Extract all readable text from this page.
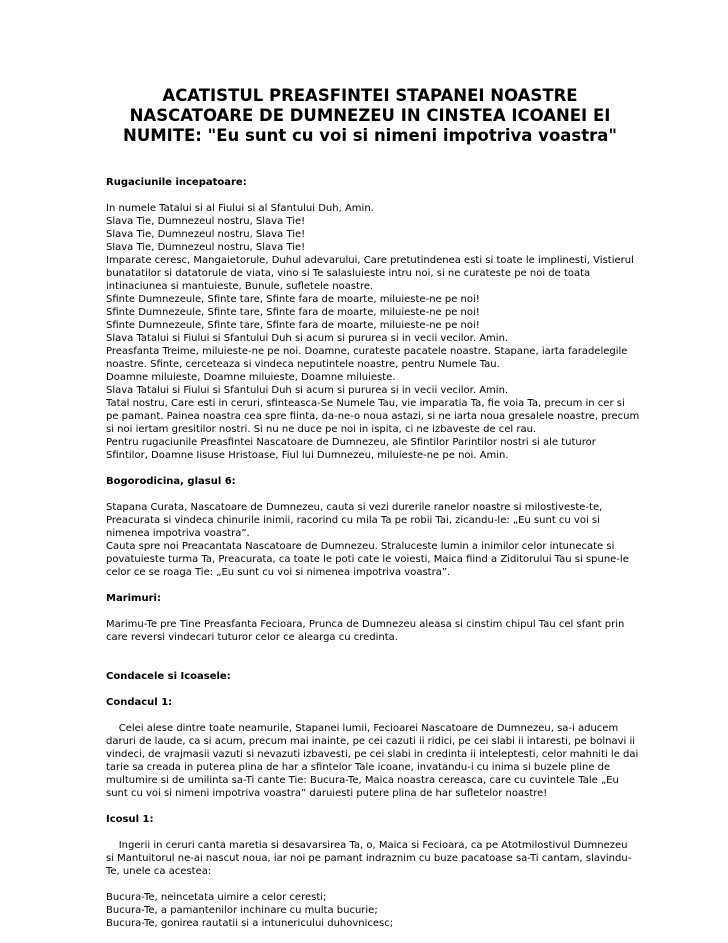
ACATISTUL PREASFINTEI STAPANEI NOASTRE
NASCATOARE DE DUMNEZEU IN CINSTEA ICOANEI EI
NUMITE: "Eu sunt cu voi si nimeni impotriva voastra"
Rugaciunile incepatoare:
In numele Tatalui si al Fiului si al Sfantului Duh, Amin.
Slava Tie, Dumnezeul nostru, Slava Tie!
Slava Tie, Dumnezeul nostru, Slava Tie!
Slava Tie, Dumnezeul nostru, Slava Tie!
Imparate ceresc, Mangaietorule, Duhul adevarului, Care pretutindenea esti si toate le implinesti, Vistierul
bunatatilor si datatorule de viata, vino si Te salasluieste intru noi, si ne curateste pe noi de toata
intinaciunea si mantuieste, Bunule, sufletele noastre.
Sfinte Dumnezeule, Sfinte tare, Sfinte fara de moarte, miluieste-ne pe noi!
Sfinte Dumnezeule, Sfinte tare, Sfinte fara de moarte, miluieste-ne pe noi!
Sfinte Dumnezeule, Sfinte tare, Sfinte fara de moarte, miluieste-ne pe noi!
Slava Tatalui si Fiului si Sfantului Duh si acum si pururea si in vecii vecilor. Amin.
Preasfanta Treime, miluieste-ne pe noi. Doamne, curateste pacatele noastre. Stapane, iarta faradelegile
noastre. Sfinte, cerceteaza si vindeca neputintele noastre, pentru Numele Tau.
Doamne miluieste, Doamne miluieste, Doamne miluieste.
Slava Tatalui si Fiului si Sfantului Duh si acum si pururea si in vecii vecilor. Amin.
Tatal nostru, Care esti in ceruri, sfinteasca-Se Numele Tau, vie imparatia Ta, fie voia Ta, precum in cer si
pe pamant. Painea noastra cea spre fiinta, da-ne-o noua astazi, si ne iarta noua gresalele noastre, precum
si noi iertam gresitilor nostri. Si nu ne duce pe noi in ispita, ci ne izbaveste de cel rau.
Pentru rugaciunile Preasfintei Nascatoare de Dumnezeu, ale Sfintilor Parintilor nostri si ale tuturor
Sfintilor, Doamne Iisuse Hristoase, Fiul lui Dumnezeu, miluieste-ne pe noi. Amin.
Bogorodicina, glasul 6:
Stapana Curata, Nascatoare de Dumnezeu, cauta si vezi durerile ranelor noastre si milostiveste-te,
Preacurata si vindeca chinurile inimii, racorind cu mila Ta pe robii Tai, zicandu-le: „Eu sunt cu voi si
nimenea impotriva voastra”.
Cauta spre noi Preacantata Nascatoare de Dumnezeu. Straluceste lumin a inimilor celor intunecate si
povatuieste turma Ta, Preacurata, ca toate le poti cate le voiesti, Maica fiind a Ziditorului Tau si spune-le
celor ce se roaga Tie: „Eu sunt cu voi si nimenea impotriva voastra”.
Marimuri:
Marimu-Te pre Tine Preasfanta Fecioara, Prunca de Dumnezeu aleasa si cinstim chipul Tau cel sfant prin
care reversi vindecari tuturor celor ce alearga cu credinta.
Condacele si Icoasele:
Condacul 1:
Celei alese dintre toate neamurile, Stapanei lumii, Fecioarei Nascatoare de Dumnezeu, sa-i aducem
daruri de laude, ca si acum, precum mai inainte, pe cei cazuti ii ridici, pe cei slabi ii intaresti, pe bolnavi ii
vindeci, de vrajmasii vazuti si nevazuti izbavesti, pe cei slabi in credinta ii inteleptesti, celor mahniti le dai
tarie sa creada in puterea plina de har a sfintelor Tale icoane, invatandu-i cu inima si buzele pline de
multumire si de umilinta sa-Ti cante Tie: Bucura-Te, Maica noastra cereasca, care cu cuvintele Tale „Eu
sunt cu voi si nimeni impotriva voastra” daruiesti putere plina de har sufletelor noastre!
Icosul 1:
Ingerii in ceruri canta maretia si desavarsirea Ta, o, Maica si Fecioara, ca pe Atotmilostivul Dumnezeu
si Mantuitorul ne-ai nascut noua, iar noi pe pamant indraznim cu buze pacatoase sa-Ti cantam, slavindu-
Te, unele ca acestea:
Bucura-Te, neincetata uimire a celor ceresti;
Bucura-Te, a pamantenilor inchinare cu multa bucurie;
Bucura-Te, gonirea rautatii si a intunericului duhovnicesc;
